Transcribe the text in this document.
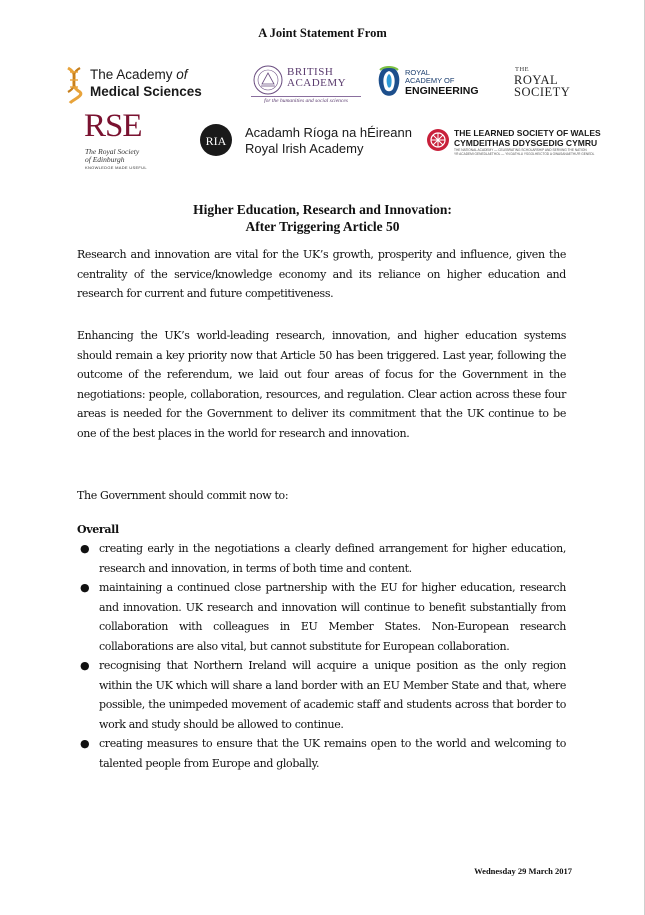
A Joint Statement From
The Academy of
Medical Sciences
BRITISH
ACADEMY
for the humanities and social sciences
ROYAL
ACADEMY OF
ENGINEERING
THE
ROYAL
SOCIETY
RSE
The Royal Society
of Edinburgh
KNOWLEDGE MADE USEFUL
RIA
Acadamh Ríoga na hÉireann
Royal Irish Academy
THE LEARNED SOCIETY OF WALES
CYMDEITHAS DDYSGEDIG CYMRU
THE NATIONAL ACADEMY — CELEBRATING SCHOLARSHIP AND SERVING THE NATION
YR ACADEMI GENEDLAETHOL — YN DATHLU YSGOLHEICTOD A GWASANAETHU'R GENEDL
Higher Education, Research and Innovation:
After Triggering Article 50
Research and innovation are vital for the UK’s growth, prosperity and influence, given the centrality of the service/knowledge economy and its reliance on higher education and research for current and future competitiveness.
Enhancing the UK’s world-leading research, innovation, and higher education systems should remain a key priority now that Article 50 has been triggered. Last year, following the outcome of the referendum, we laid out four areas of focus for the Government in the negotiations: people, collaboration, resources, and regulation. Clear action across these four areas is needed for the Government to deliver its commitment that the UK continue to be one of the best places in the world for research and innovation.
The Government should commit now to:
Overall
● creating early in the negotiations a clearly defined arrangement for higher education, research and innovation, in terms of both time and content.
● maintaining a continued close partnership with the EU for higher education, research and innovation. UK research and innovation will continue to benefit substantially from collaboration with colleagues in EU Member States. Non-European research collaborations are also vital, but cannot substitute for European collaboration.
● recognising that Northern Ireland will acquire a unique position as the only region within the UK which will share a land border with an EU Member State and that, where possible, the unimpeded movement of academic staff and students across that border to work and study should be allowed to continue.
● creating measures to ensure that the UK remains open to the world and welcoming to talented people from Europe and globally.
Wednesday 29 March 2017
